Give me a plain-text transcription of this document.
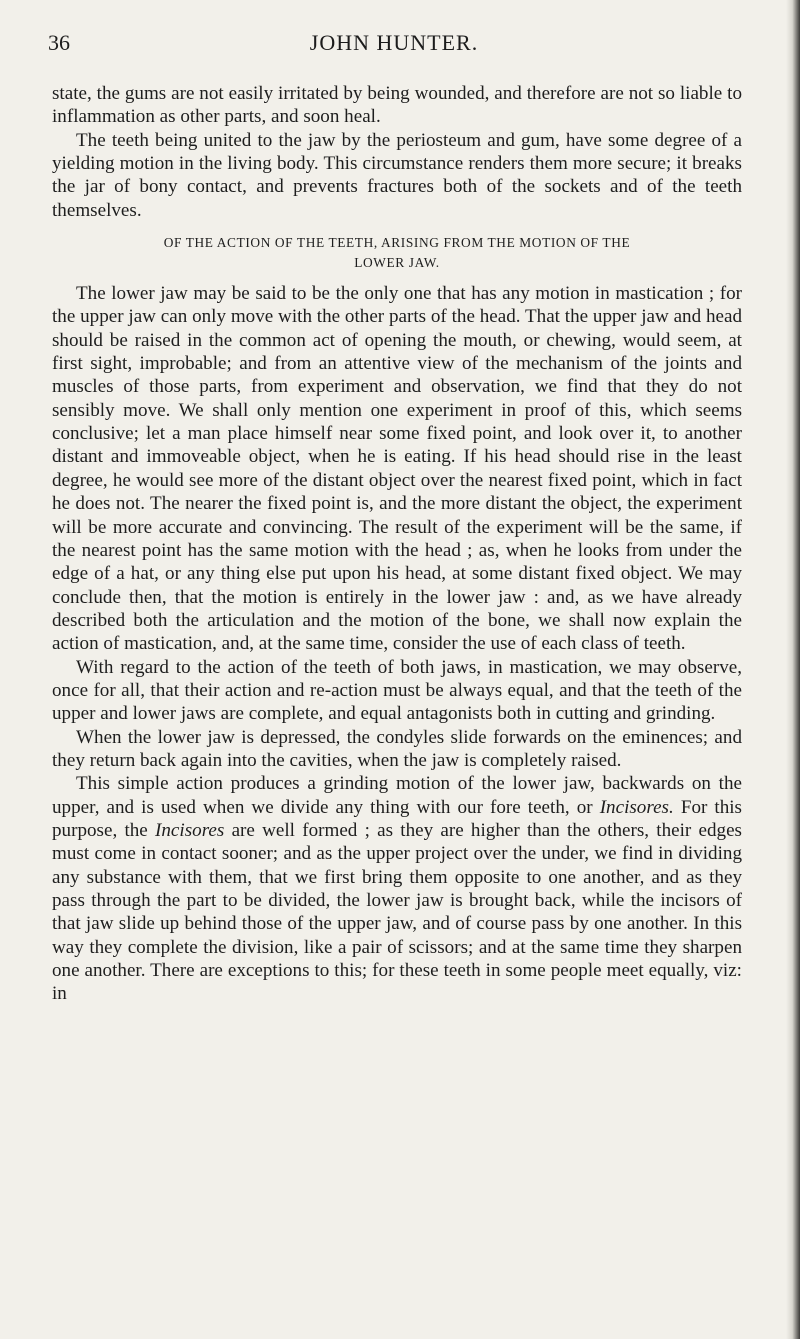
36	JOHN HUNTER.

state, the gums are not easily irritated by being wounded, and therefore are not so liable to inflammation as other parts, and soon heal.

The teeth being united to the jaw by the periosteum and gum, have some degree of a yielding motion in the living body. This circumstance renders them more secure; it breaks the jar of bony contact, and prevents fractures both of the sockets and of the teeth themselves.

OF THE ACTION OF THE TEETH, ARISING FROM THE MOTION OF THE
LOWER JAW.

The lower jaw may be said to be the only one that has any motion in mastication ; for the upper jaw can only move with the other parts of the head. That the upper jaw and head should be raised in the common act of opening the mouth, or chewing, would seem, at first sight, improbable; and from an attentive view of the mechanism of the joints and muscles of those parts, from experiment and observation, we find that they do not sensibly move. We shall only mention one experiment in proof of this, which seems conclusive; let a man place himself near some fixed point, and look over it, to another distant and immoveable object, when he is eating. If his head should rise in the least degree, he would see more of the distant object over the nearest fixed point, which in fact he does not. The nearer the fixed point is, and the more distant the object, the experiment will be more accurate and convincing. The result of the experiment will be the same, if the nearest point has the same motion with the head ; as, when he looks from under the edge of a hat, or any thing else put upon his head, at some distant fixed object. We may conclude then, that the motion is entirely in the lower jaw : and, as we have already described both the articulation and the motion of the bone, we shall now explain the action of mastication, and, at the same time, consider the use of each class of teeth.

With regard to the action of the teeth of both jaws, in mastication, we may observe, once for all, that their action and re-action must be always equal, and that the teeth of the upper and lower jaws are complete, and equal antagonists both in cutting and grinding.

When the lower jaw is depressed, the condyles slide forwards on the eminences; and they return back again into the cavities, when the jaw is completely raised.

This simple action produces a grinding motion of the lower jaw, backwards on the upper, and is used when we divide any thing with our fore teeth, or Incisores. For this purpose, the Incisores are well formed ; as they are higher than the others, their edges must come in contact sooner; and as the upper project over the under, we find in dividing any substance with them, that we first bring them opposite to one another, and as they pass through the part to be divided, the lower jaw is brought back, while the incisors of that jaw slide up behind those of the upper jaw, and of course pass by one another. In this way they complete the division, like a pair of scissors; and at the same time they sharpen one another. There are exceptions to this; for these teeth in some people meet equally, viz: in
